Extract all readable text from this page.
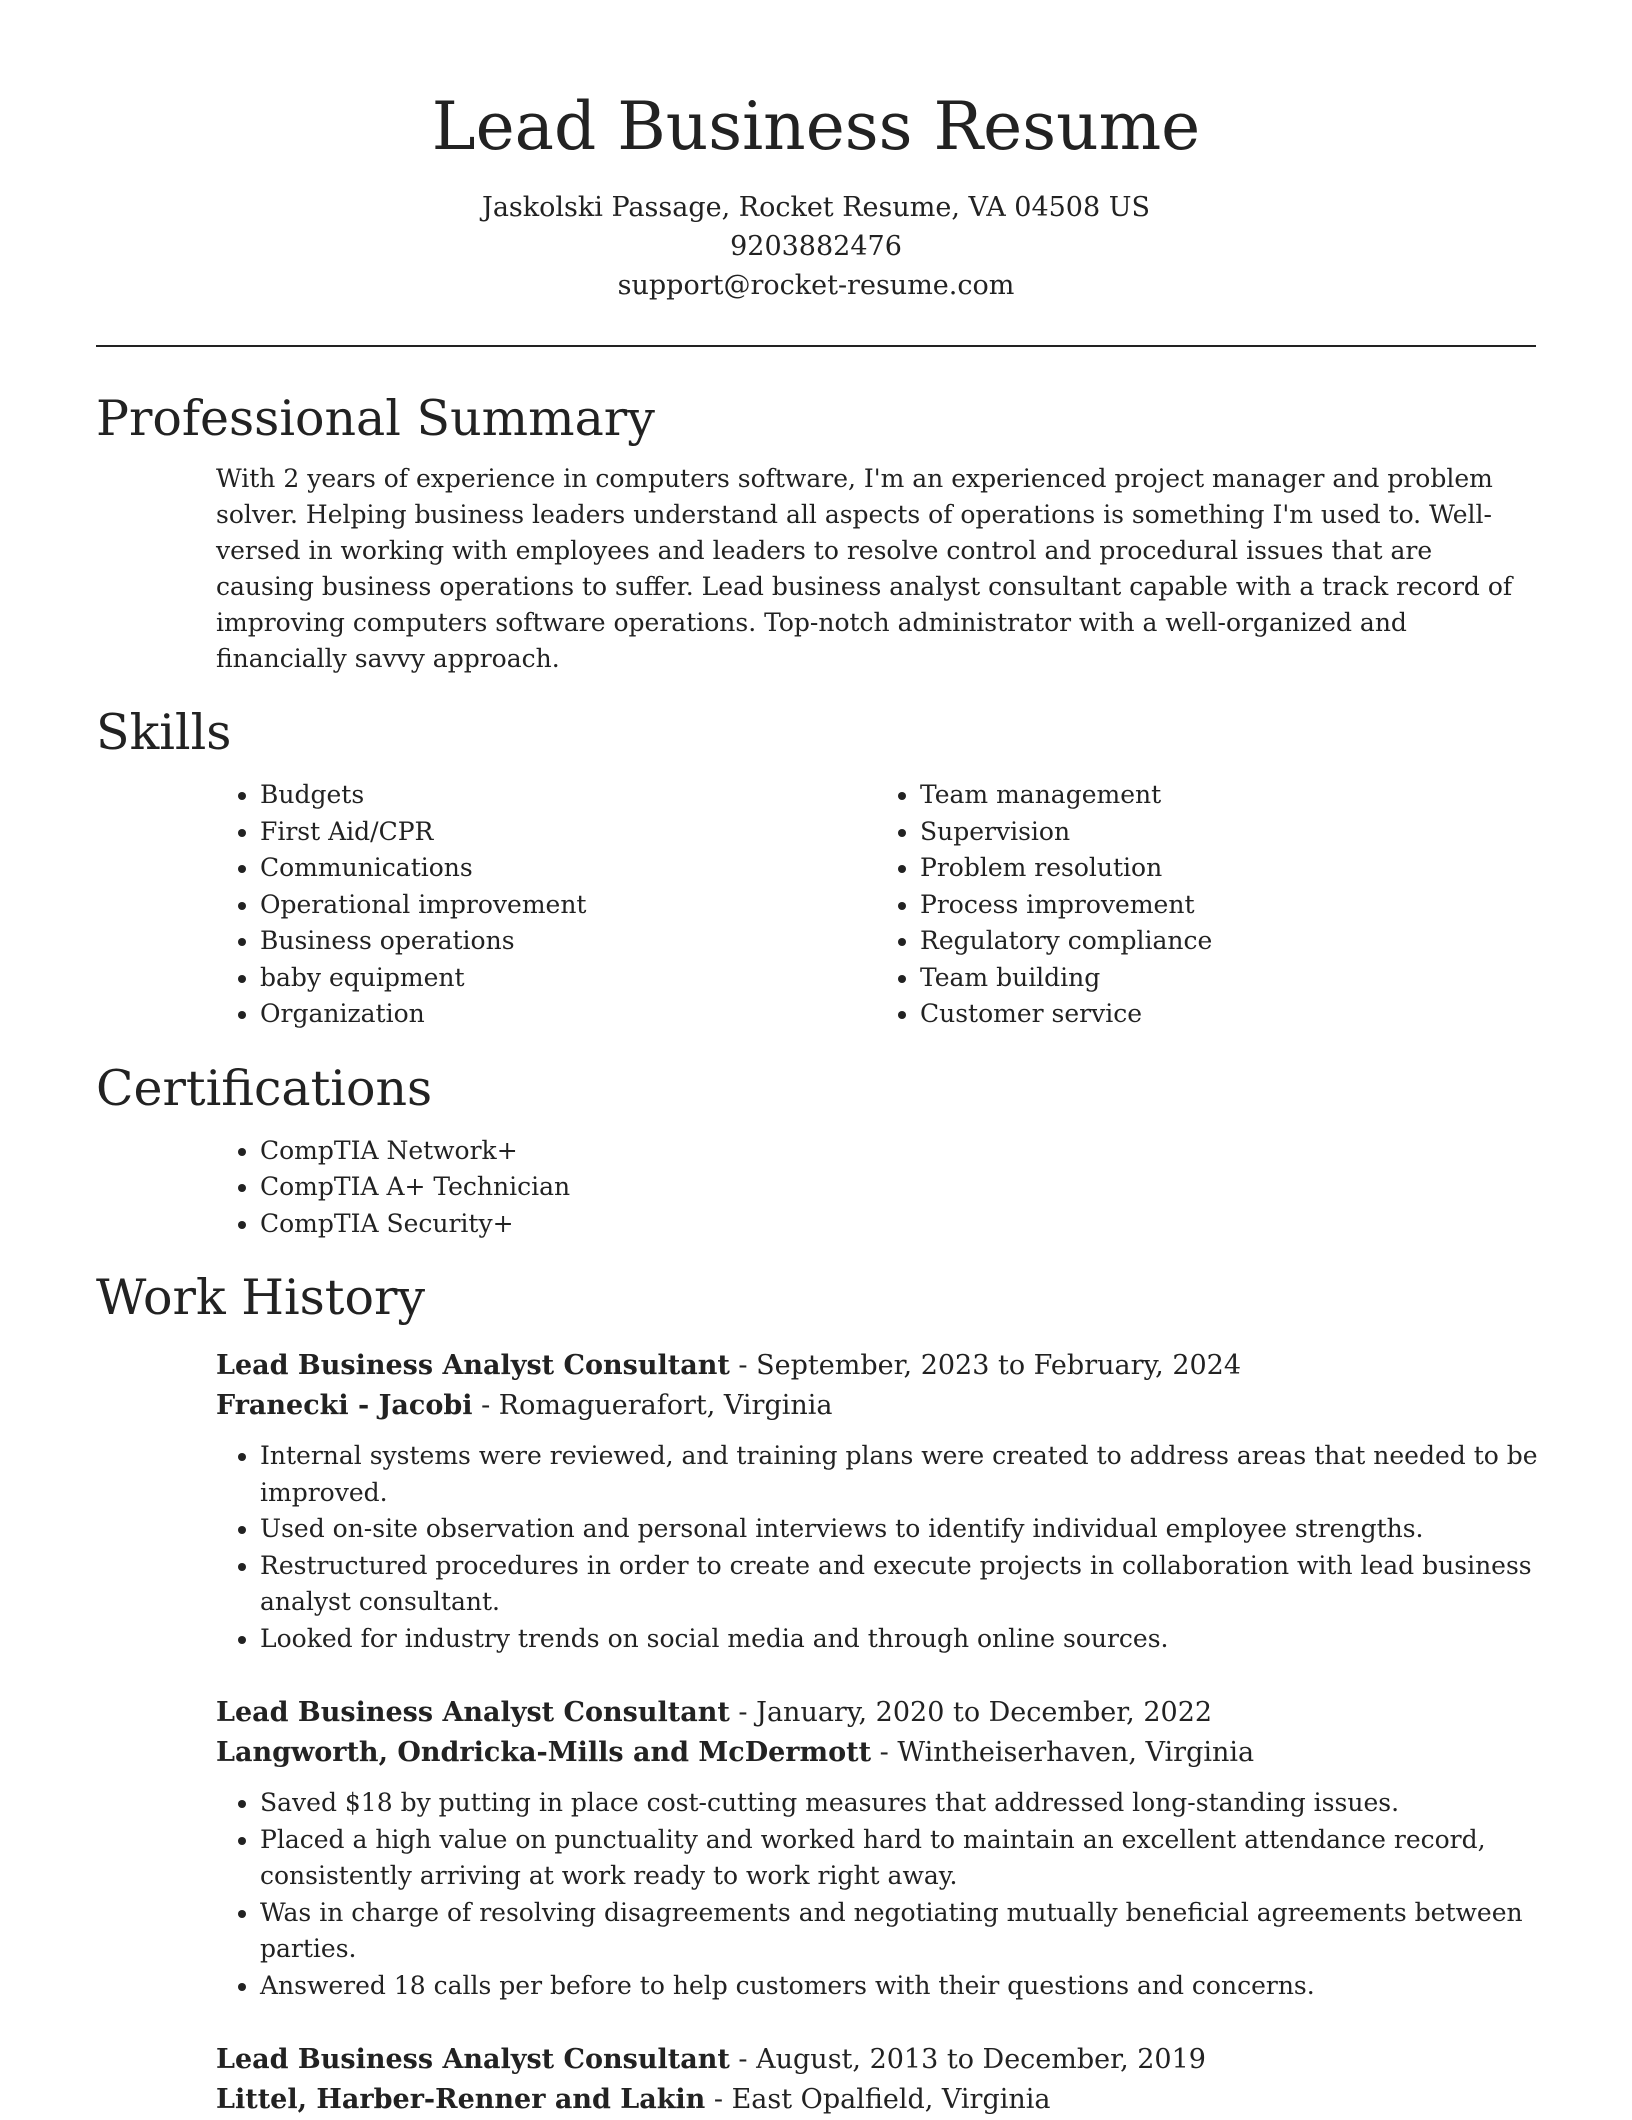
Lead Business Resume
Jaskolski Passage, Rocket Resume, VA 04508 US
9203882476
support@rocket-resume.com
Professional Summary

With 2 years of experience in computers software, I'm an experienced project manager and problem solver. Helping business leaders understand all aspects of operations is something I'm used to. Well-versed in working with employees and leaders to resolve control and procedural issues that are causing business operations to suffer. Lead business analyst consultant capable with a track record of improving computers software operations. Top-notch administrator with a well-organized and financially savvy approach.

Skills
• Budgets
• First Aid/CPR
• Communications
• Operational improvement
• Business operations
• baby equipment
• Organization
• Team management
• Supervision
• Problem resolution
• Process improvement
• Regulatory compliance
• Team building
• Customer service
Certifications
• CompTIA Network+
• CompTIA A+ Technician
• CompTIA Security+
Work History
Lead Business Analyst Consultant - September, 2023 to February, 2024
Franecki - Jacobi - Romaguerafort, Virginia
• Internal systems were reviewed, and training plans were created to address areas that needed to be improved.
• Used on-site observation and personal interviews to identify individual employee strengths.
• Restructured procedures in order to create and execute projects in collaboration with lead business analyst consultant.
• Looked for industry trends on social media and through online sources.
Lead Business Analyst Consultant - January, 2020 to December, 2022
Langworth, Ondricka-Mills and McDermott - Wintheiserhaven, Virginia
• Saved $18 by putting in place cost-cutting measures that addressed long-standing issues.
• Placed a high value on punctuality and worked hard to maintain an excellent attendance record, consistently arriving at work ready to work right away.
• Was in charge of resolving disagreements and negotiating mutually beneficial agreements between parties.
• Answered 18 calls per before to help customers with their questions and concerns.
Lead Business Analyst Consultant - August, 2013 to December, 2019
Littel, Harber-Renner and Lakin - East Opalfield, Virginia
